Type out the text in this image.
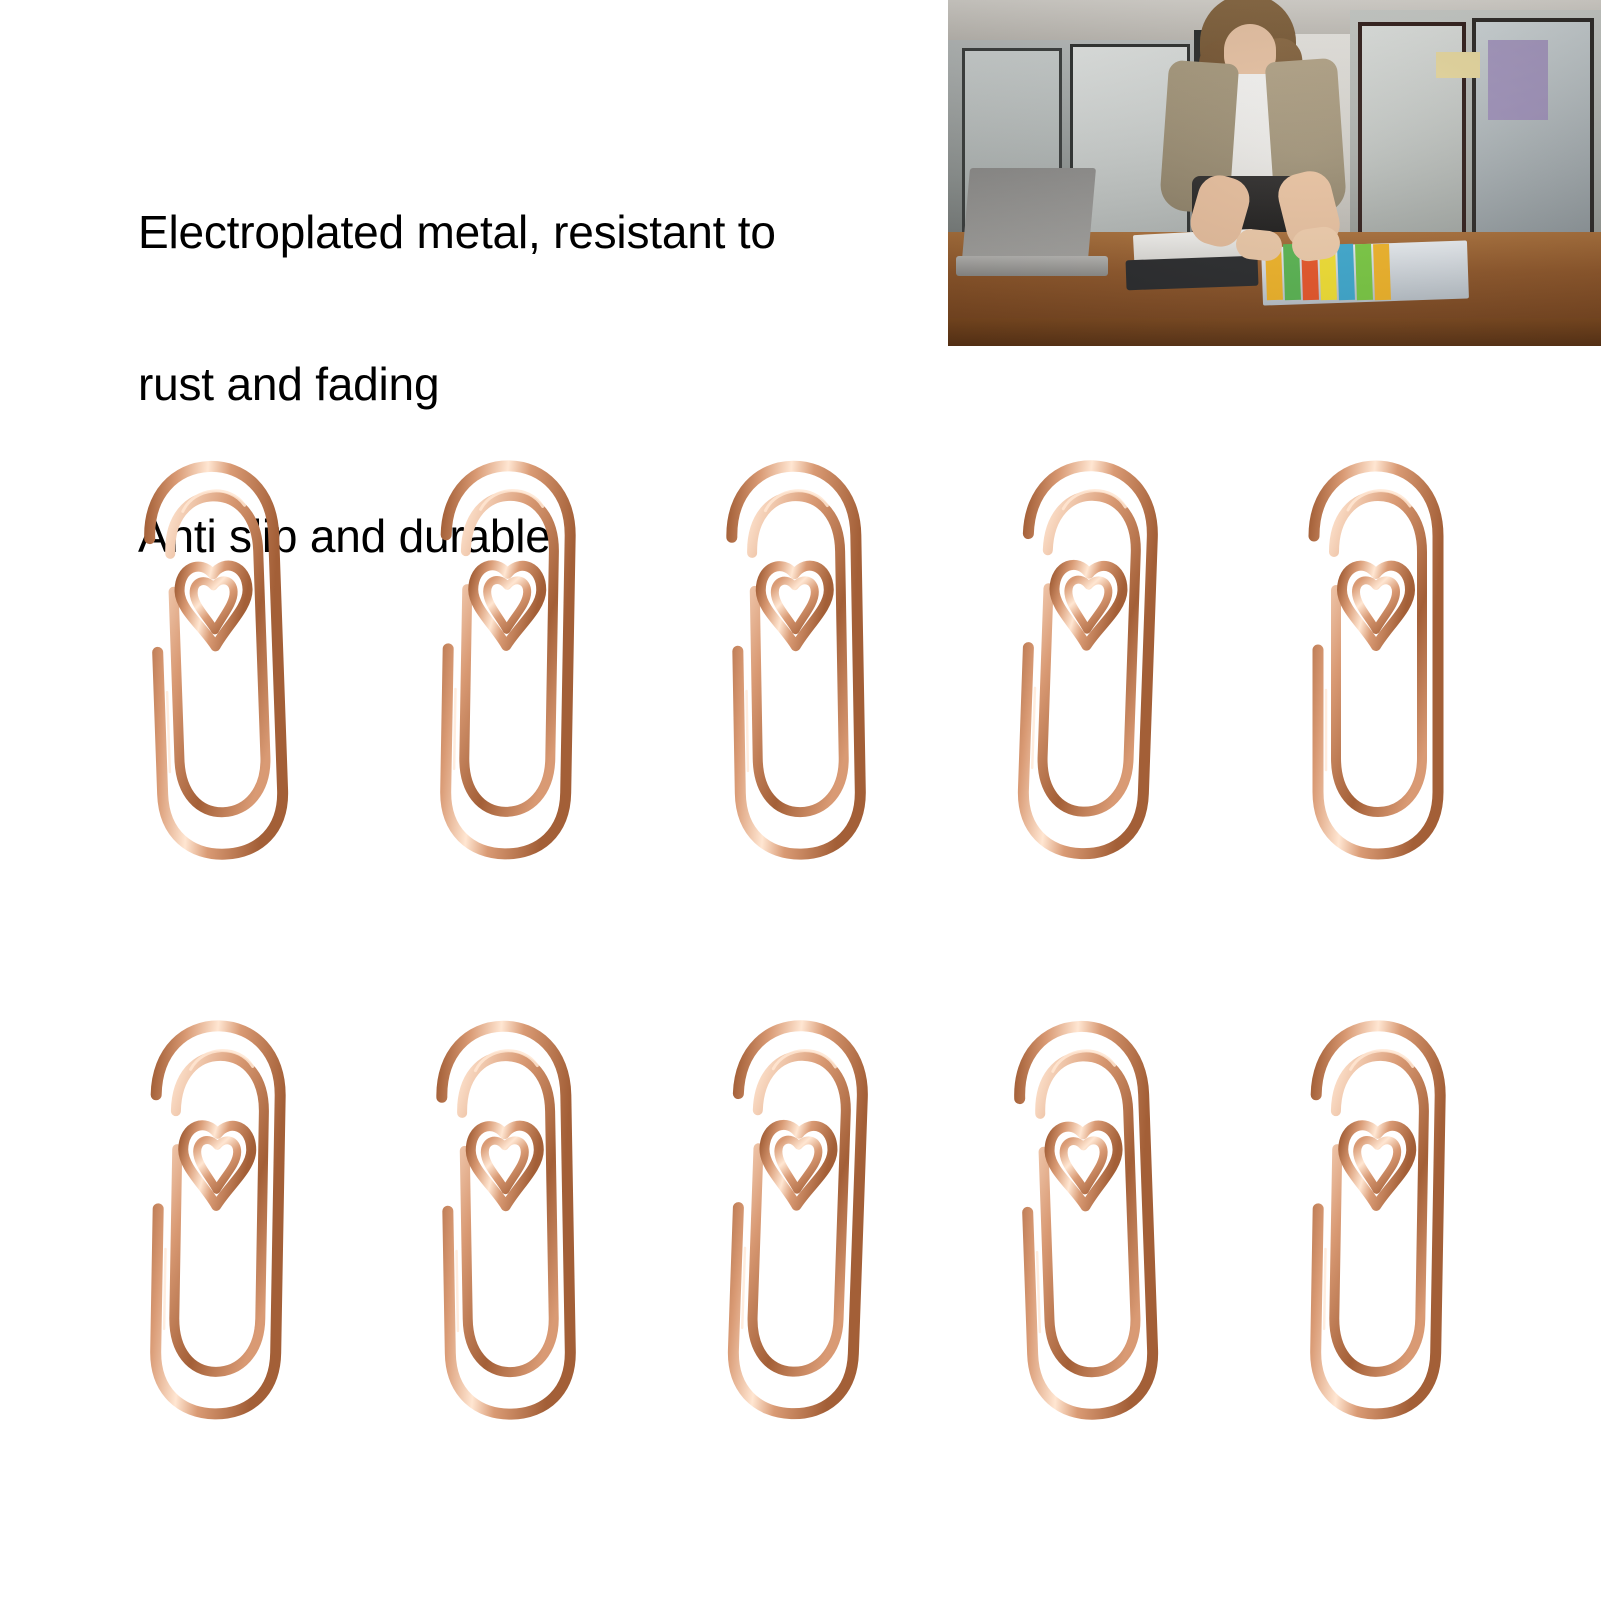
Electroplated metal, resistant to

rust and fading

Anti slip and durable
